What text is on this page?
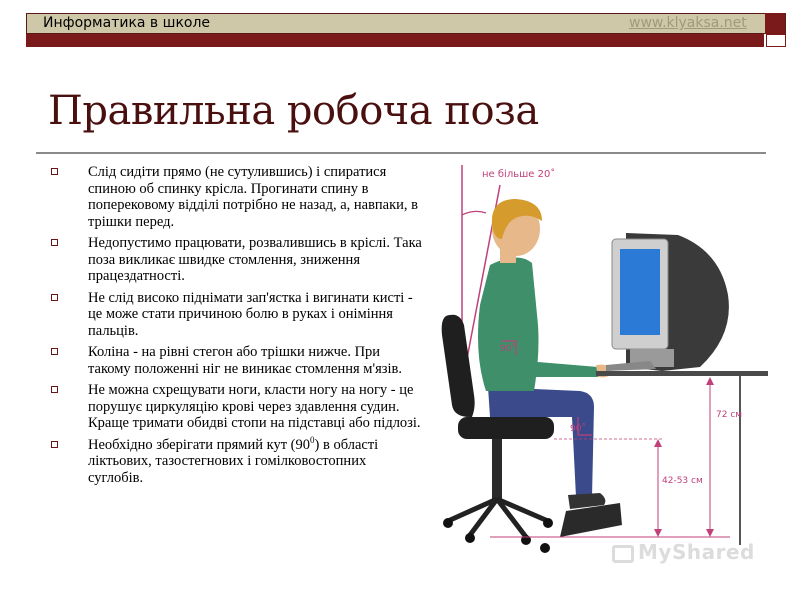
Информатика в школе	www.klyaksa.net
Правильна робоча поза
Слід сидіти прямо (не сутулившись) і спиратися спиною об спинку крісла. Прогинати спину в поперековому відділі потрібно не назад, а, навпаки, в трішки перед.
Недопустимо працювати, розвалившись в кріслі. Така поза викликає швидке стомлення, зниження працездатності.
Не слід високо піднімати зап'ястка і вигинати кисті - це може стати причиною болю в руках і оніміння пальців.
Коліна - на рівні стегон або трішки нижче. При такому положенні ніг не виникає стомлення м'язів.
Не можна схрещувати ноги, класти ногу на ногу - це порушує циркуляцію крові через здавлення судин. Краще тримати обидві стопи на підставці або підлозі.
Необхідно зберігати прямий кут $(90^0)$ в області ліктьових, тазостегнових і гомілковостопних суглобів.
не більше 20˚
90˚
90˚
72 см
42-53 см
MyShared
